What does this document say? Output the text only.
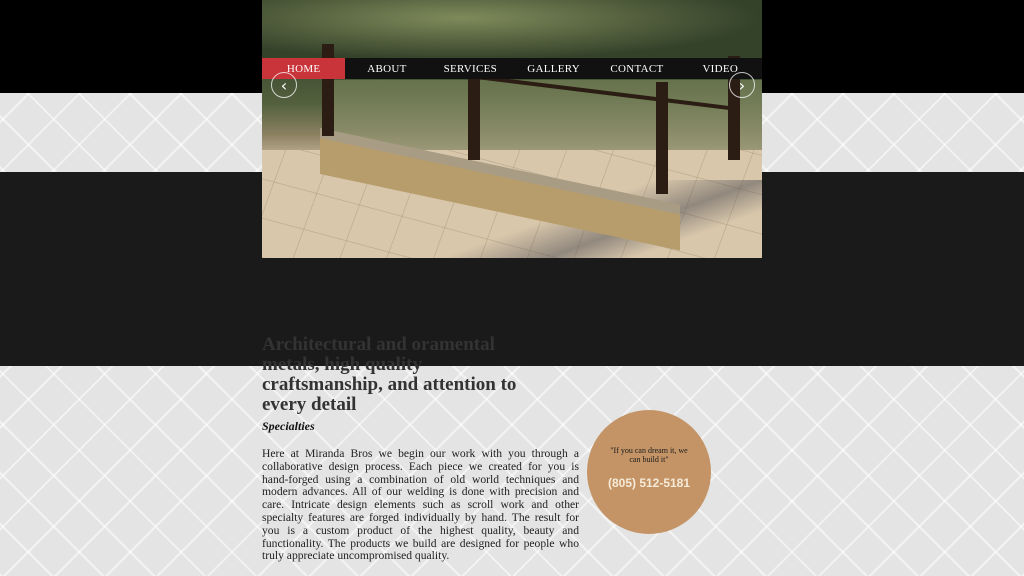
HOME	ABOUT	SERVICES	GALLERY	CONTACT	VIDEO
‹	›
Architectural and oramental metals, high quality craftsmanship, and attention to every detail
Specialties

Here at Miranda Bros we begin our work with you through a collaborative design process. Each piece we created for you is hand-forged using a combination of old world techniques and modern advances. All of our welding is done with precision and care. Intricate design elements such as scroll work and other specialty features are forged individually by hand. The result for you is a custom product of the highest quality, beauty and functionality. The products we build are designed for people who truly appreciate uncompromised quality.

"If you can dream it, we can build it"
(805) 512-5181
